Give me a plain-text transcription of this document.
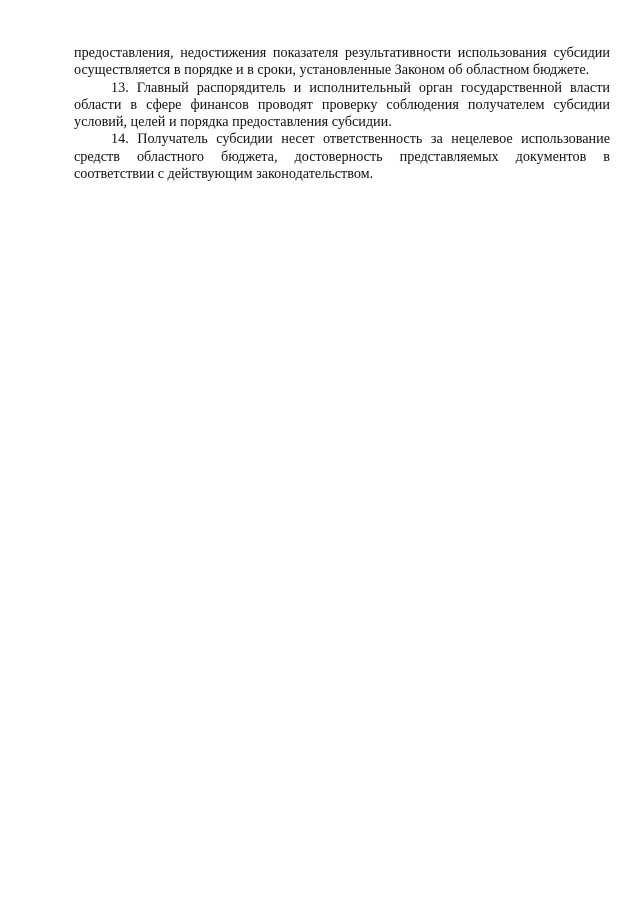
предоставления, недостижения показателя результативности использования субсидии осуществляется в порядке и в сроки, установленные Законом об областном бюджете.

13. Главный распорядитель и исполнительный орган государственной власти области в сфере финансов проводят проверку соблюдения получателем субсидии условий, целей и порядка предоставления субсидии.

14. Получатель субсидии несет ответственность за нецелевое использование средств областного бюджета, достоверность представляемых документов в соответствии с действующим законодательством.
